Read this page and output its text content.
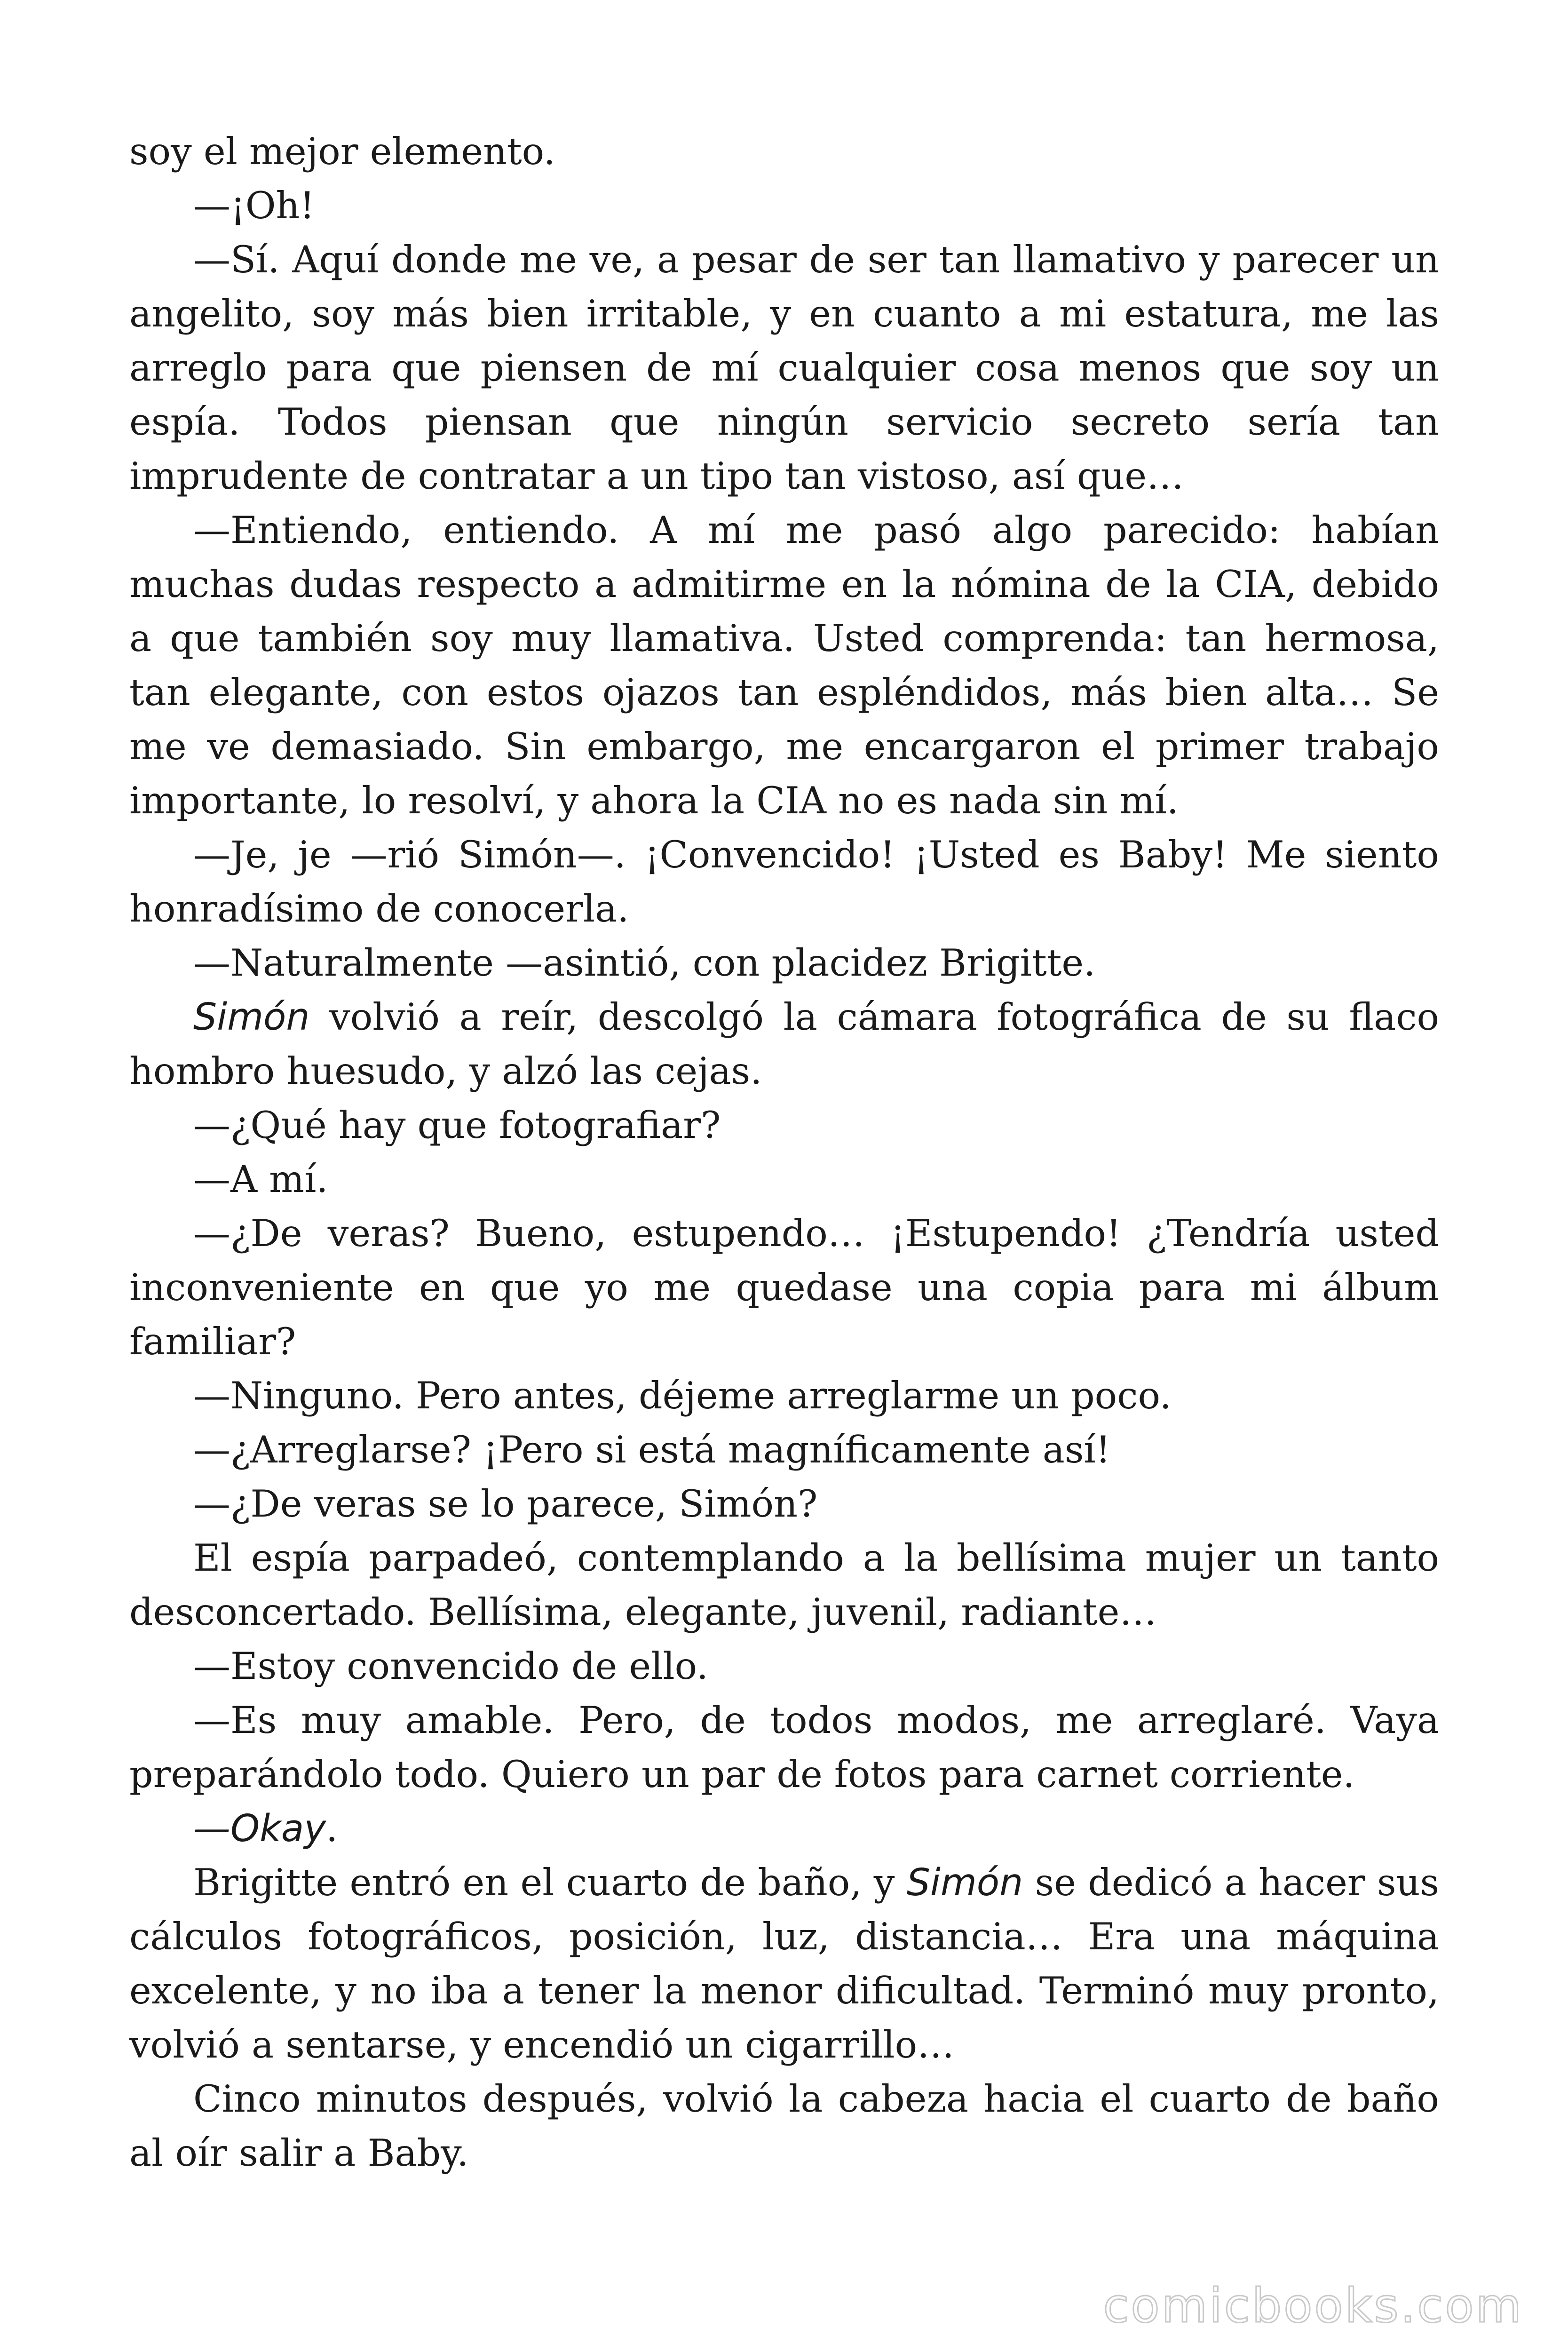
soy el mejor elemento.

—¡Oh!

—Sí. Aquí donde me ve, a pesar de ser tan llamativo y parecer un angelito, soy más bien irritable, y en cuanto a mi estatura, me las arreglo para que piensen de mí cualquier cosa menos que soy un espía. Todos piensan que ningún servicio secreto sería tan imprudente de contratar a un tipo tan vistoso, así que…

—Entiendo, entiendo. A mí me pasó algo parecido: habían muchas dudas respecto a admitirme en la nómina de la CIA, debido a que también soy muy llamativa. Usted comprenda: tan hermosa, tan elegante, con estos ojazos tan espléndidos, más bien alta… Se me ve demasiado. Sin embargo, me encargaron el primer trabajo importante, lo resolví, y ahora la CIA no es nada sin mí.

—Je, je —rió Simón—. ¡Convencido! ¡Usted es Baby! Me siento honradísimo de conocerla.

—Naturalmente —asintió, con placidez Brigitte.

Simón volvió a reír, descolgó la cámara fotográfica de su flaco hombro huesudo, y alzó las cejas.

—¿Qué hay que fotografiar?

—A mí.

—¿De veras? Bueno, estupendo… ¡Estupendo! ¿Tendría usted inconveniente en que yo me quedase una copia para mi álbum familiar?

—Ninguno. Pero antes, déjeme arreglarme un poco.

—¿Arreglarse? ¡Pero si está magníficamente así!

—¿De veras se lo parece, Simón?

El espía parpadeó, contemplando a la bellísima mujer un tanto desconcertado. Bellísima, elegante, juvenil, radiante…

—Estoy convencido de ello.

—Es muy amable. Pero, de todos modos, me arreglaré. Vaya preparándolo todo. Quiero un par de fotos para carnet corriente.

—Okay.

Brigitte entró en el cuarto de baño, y Simón se dedicó a hacer sus cálculos fotográficos, posición, luz, distancia… Era una máquina excelente, y no iba a tener la menor dificultad. Terminó muy pronto, volvió a sentarse, y encendió un cigarrillo…

Cinco minutos después, volvió la cabeza hacia el cuarto de baño al oír salir a Baby.

comicbooks.com
